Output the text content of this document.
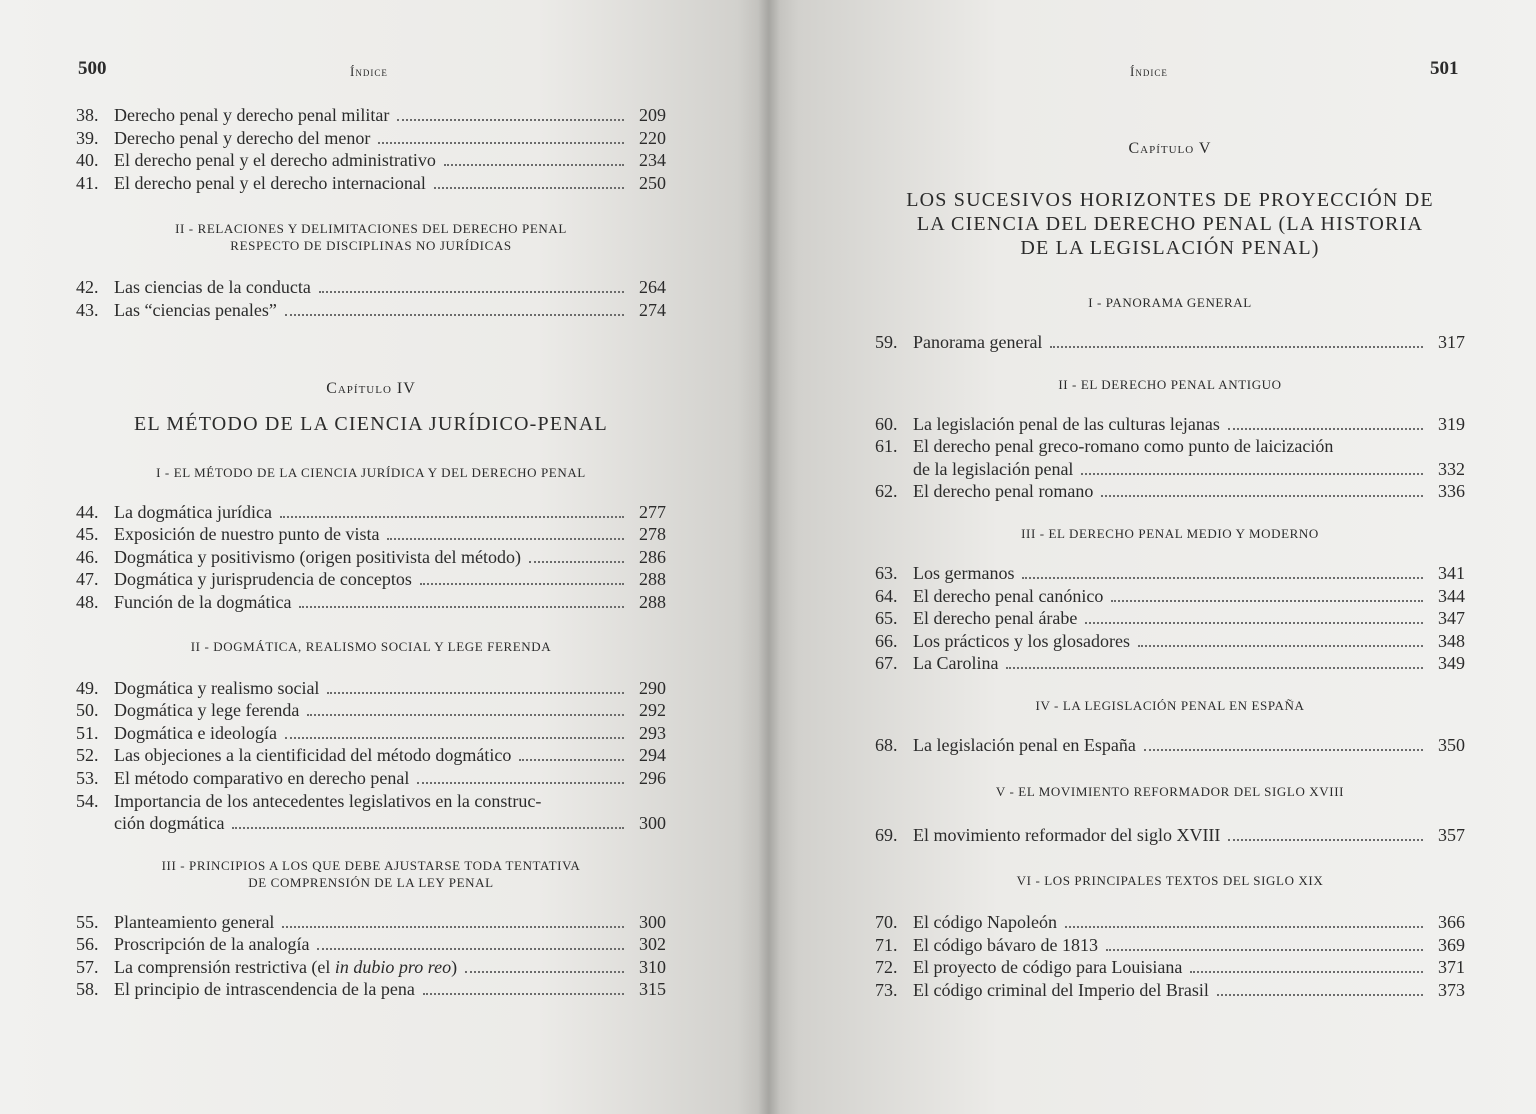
500	Índice
38. Derecho penal y derecho penal militar	209
39. Derecho penal y derecho del menor	220
40. El derecho penal y el derecho administrativo	234
41. El derecho penal y el derecho internacional	250
II - RELACIONES Y DELIMITACIONES DEL DERECHO PENAL
RESPECTO DE DISCIPLINAS NO JURÍDICAS
42. Las ciencias de la conducta	264
43. Las “ciencias penales”	274
Capítulo IV
EL MÉTODO DE LA CIENCIA JURÍDICO-PENAL
I - EL MÉTODO DE LA CIENCIA JURÍDICA Y DEL DERECHO PENAL
44. La dogmática jurídica	277
45. Exposición de nuestro punto de vista	278
46. Dogmática y positivismo (origen positivista del método)	286
47. Dogmática y jurisprudencia de conceptos	288
48. Función de la dogmática	288
II - DOGMÁTICA, REALISMO SOCIAL Y LEGE FERENDA
49. Dogmática y realismo social	290
50. Dogmática y lege ferenda	292
51. Dogmática e ideología	293
52. Las objeciones a la cientificidad del método dogmático	294
53. El método comparativo en derecho penal	296
54. Importancia de los antecedentes legislativos en la construc-
ción dogmática	300
III - PRINCIPIOS A LOS QUE DEBE AJUSTARSE TODA TENTATIVA
DE COMPRENSIÓN DE LA LEY PENAL
55. Planteamiento general	300
56. Proscripción de la analogía	302
57. La comprensión restrictiva (el in dubio pro reo)	310
58. El principio de intrascendencia de la pena	315
Índice	501
Capítulo V
LOS SUCESIVOS HORIZONTES DE PROYECCIÓN DE
LA CIENCIA DEL DERECHO PENAL (LA HISTORIA
DE LA LEGISLACIÓN PENAL)
I - PANORAMA GENERAL
59. Panorama general	317
II - EL DERECHO PENAL ANTIGUO
60. La legislación penal de las culturas lejanas	319
61. El derecho penal greco-romano como punto de laicización
de la legislación penal	332
62. El derecho penal romano	336
III - EL DERECHO PENAL MEDIO Y MODERNO
63. Los germanos	341
64. El derecho penal canónico	344
65. El derecho penal árabe	347
66. Los prácticos y los glosadores	348
67. La Carolina	349
IV - LA LEGISLACIÓN PENAL EN ESPAÑA
68. La legislación penal en España	350
V - EL MOVIMIENTO REFORMADOR DEL SIGLO XVIII
69. El movimiento reformador del siglo XVIII	357
VI - LOS PRINCIPALES TEXTOS DEL SIGLO XIX
70. El código Napoleón	366
71. El código bávaro de 1813	369
72. El proyecto de código para Louisiana	371
73. El código criminal del Imperio del Brasil	373
